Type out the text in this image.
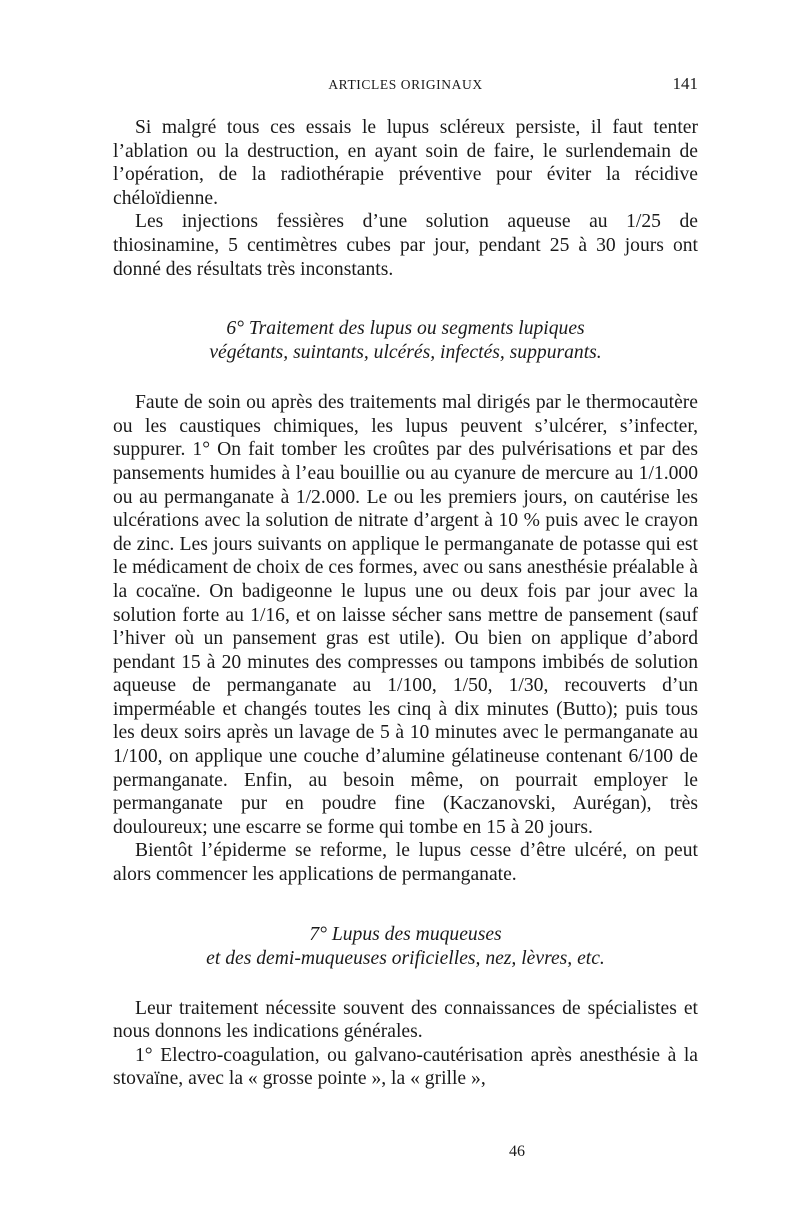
ARTICLES ORIGINAUX	141

Si malgré tous ces essais le lupus scléreux persiste, il faut tenter l’ablation ou la destruction, en ayant soin de faire, le surlendemain de l’opération, de la radiothérapie préventive pour éviter la récidive chéloïdienne.

Les injections fessières d’une solution aqueuse au 1/25 de thiosinamine, 5 centimètres cubes par jour, pendant 25 à 30 jours ont donné des résultats très inconstants.

6° Traitement des lupus ou segments lupiques
végétants, suintants, ulcérés, infectés, suppurants.

Faute de soin ou après des traitements mal dirigés par le thermocautère ou les caustiques chimiques, les lupus peuvent s’ulcérer, s’infecter, suppurer. 1° On fait tomber les croûtes par des pulvérisations et par des pansements humides à l’eau bouillie ou au cyanure de mercure au 1/1.000 ou au permanganate à 1/2.000. Le ou les premiers jours, on cautérise les ulcérations avec la solution de nitrate d’argent à 10 % puis avec le crayon de zinc. Les jours suivants on applique le permanganate de potasse qui est le médicament de choix de ces formes, avec ou sans anesthésie préalable à la cocaïne. On badigeonne le lupus une ou deux fois par jour avec la solution forte au 1/16, et on laisse sécher sans mettre de pansement (sauf l’hiver où un pansement gras est utile). Ou bien on applique d’abord pendant 15 à 20 minutes des compresses ou tampons imbibés de solution aqueuse de permanganate au 1/100, 1/50, 1/30, recouverts d’un imperméable et changés toutes les cinq à dix minutes (Butto); puis tous les deux soirs après un lavage de 5 à 10 minutes avec le permanganate au 1/100, on applique une couche d’alumine gélatineuse contenant 6/100 de permanganate. Enfin, au besoin même, on pourrait employer le permanganate pur en poudre fine (Kaczanovski, Aurégan), très douloureux; une escarre se forme qui tombe en 15 à 20 jours.

Bientôt l’épiderme se reforme, le lupus cesse d’être ulcéré, on peut alors commencer les applications de permanganate.

7° Lupus des muqueuses
et des demi-muqueuses orificielles, nez, lèvres, etc.

Leur traitement nécessite souvent des connaissances de spécialistes et nous donnons les indications générales.

1° Electro-coagulation, ou galvano-cautérisation après anesthésie à la stovaïne, avec la « grosse pointe », la « grille »,

46
